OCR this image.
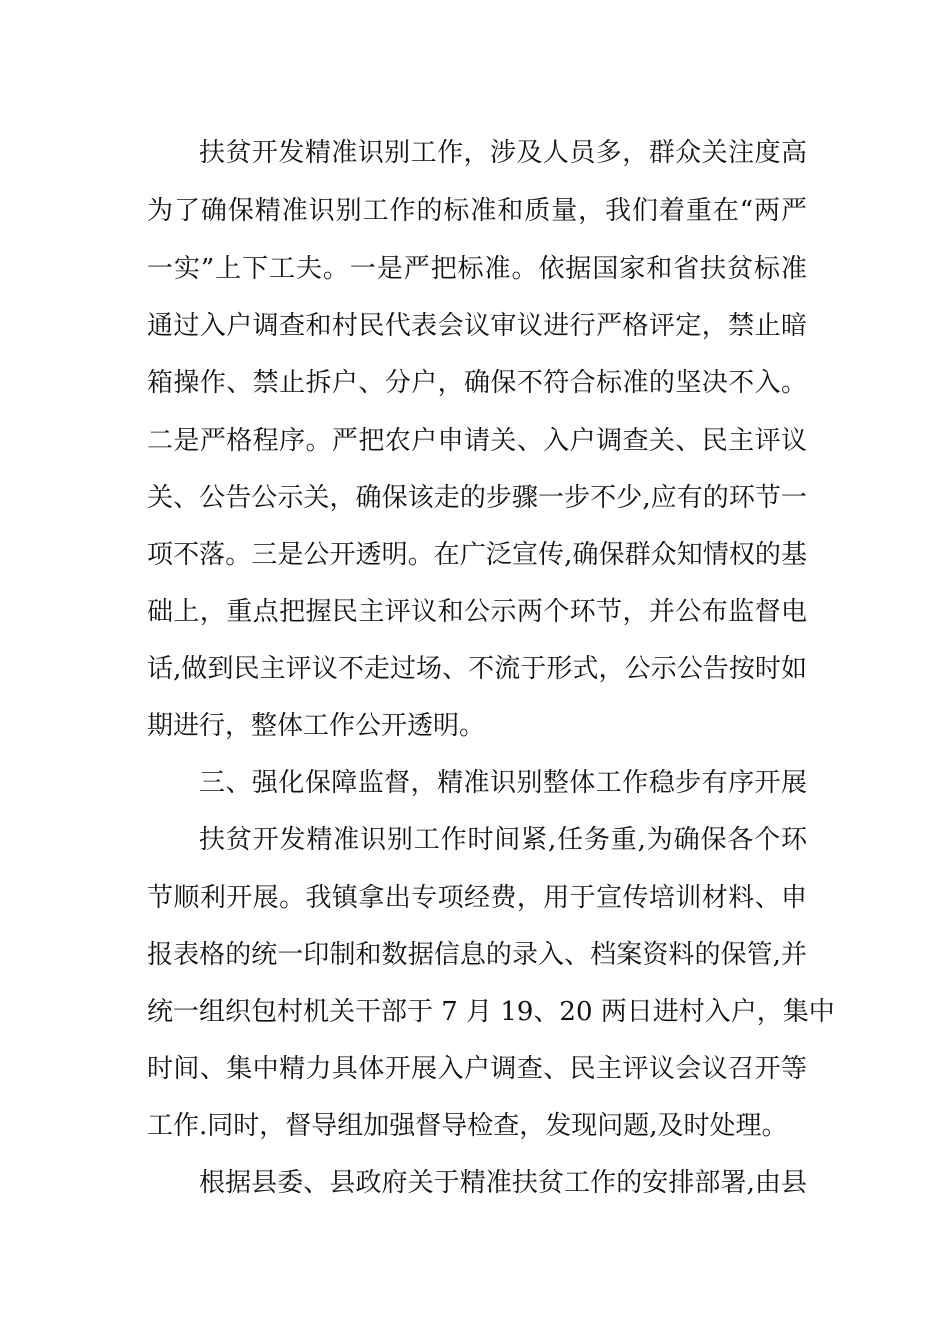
扶贫开发精准识别工作，涉及人员多，群众关注度高
为了确保精准识别工作的标准和质量，我们着重在“两严
一实”上下工夫。一是严把标准。依据国家和省扶贫标准
通过入户调查和村民代表会议审议进行严格评定，禁止暗
箱操作、禁止拆户、分户，确保不符合标准的坚决不入。
二是严格程序。严把农户申请关、入户调查关、民主评议
关、公告公示关，确保该走的步骤一步不少,应有的环节一
项不落。三是公开透明。在广泛宣传,确保群众知情权的基
础上，重点把握民主评议和公示两个环节，并公布监督电
话,做到民主评议不走过场、不流于形式，公示公告按时如
期进行，整体工作公开透明。
三、强化保障监督，精准识别整体工作稳步有序开展
扶贫开发精准识别工作时间紧,任务重,为确保各个环
节顺利开展。我镇拿出专项经费，用于宣传培训材料、申
报表格的统一印制和数据信息的录入、档案资料的保管,并
统一组织包村机关干部于 7 月 19、20 两日进村入户，集中
时间、集中精力具体开展入户调查、民主评议会议召开等
工作.同时，督导组加强督导检查，发现问题,及时处理。
根据县委、县政府关于精准扶贫工作的安排部署,由县
